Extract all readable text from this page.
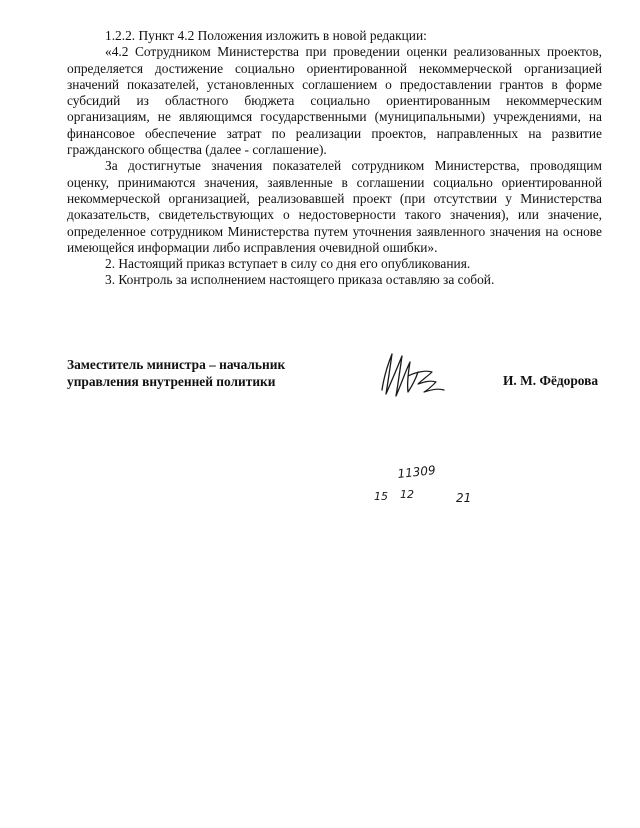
1.2.2. Пункт 4.2 Положения изложить в новой редакции:

«4.2 Сотрудником Министерства при проведении оценки реализованных проектов, определяется достижение социально ориентированной некоммерческой организацией значений показателей, установленных соглашением о предоставлении грантов в форме субсидий из областного бюджета социально ориентированным некоммерческим организациям, не являющимся государственными (муниципальными) учреждениями, на финансовое обеспечение затрат по реализации проектов, направленных на развитие гражданского общества (далее - соглашение).

За достигнутые значения показателей сотрудником Министерства, проводящим оценку, принимаются значения, заявленные в соглашении социально ориентированной некоммерческой организацией, реализовавшей проект (при отсутствии у Министерства доказательств, свидетельствующих о недостоверности такого значения), или значение, определенное сотрудником Министерства путем уточнения заявленного значения на основе имеющейся информации либо исправления очевидной ошибки».

2. Настоящий приказ вступает в силу со дня его опубликования.

3. Контроль за исполнением настоящего приказа оставляю за собой.

Заместитель министра – начальник
управления внутренней политики	И. М. Фёдорова
11309
15 12	21
